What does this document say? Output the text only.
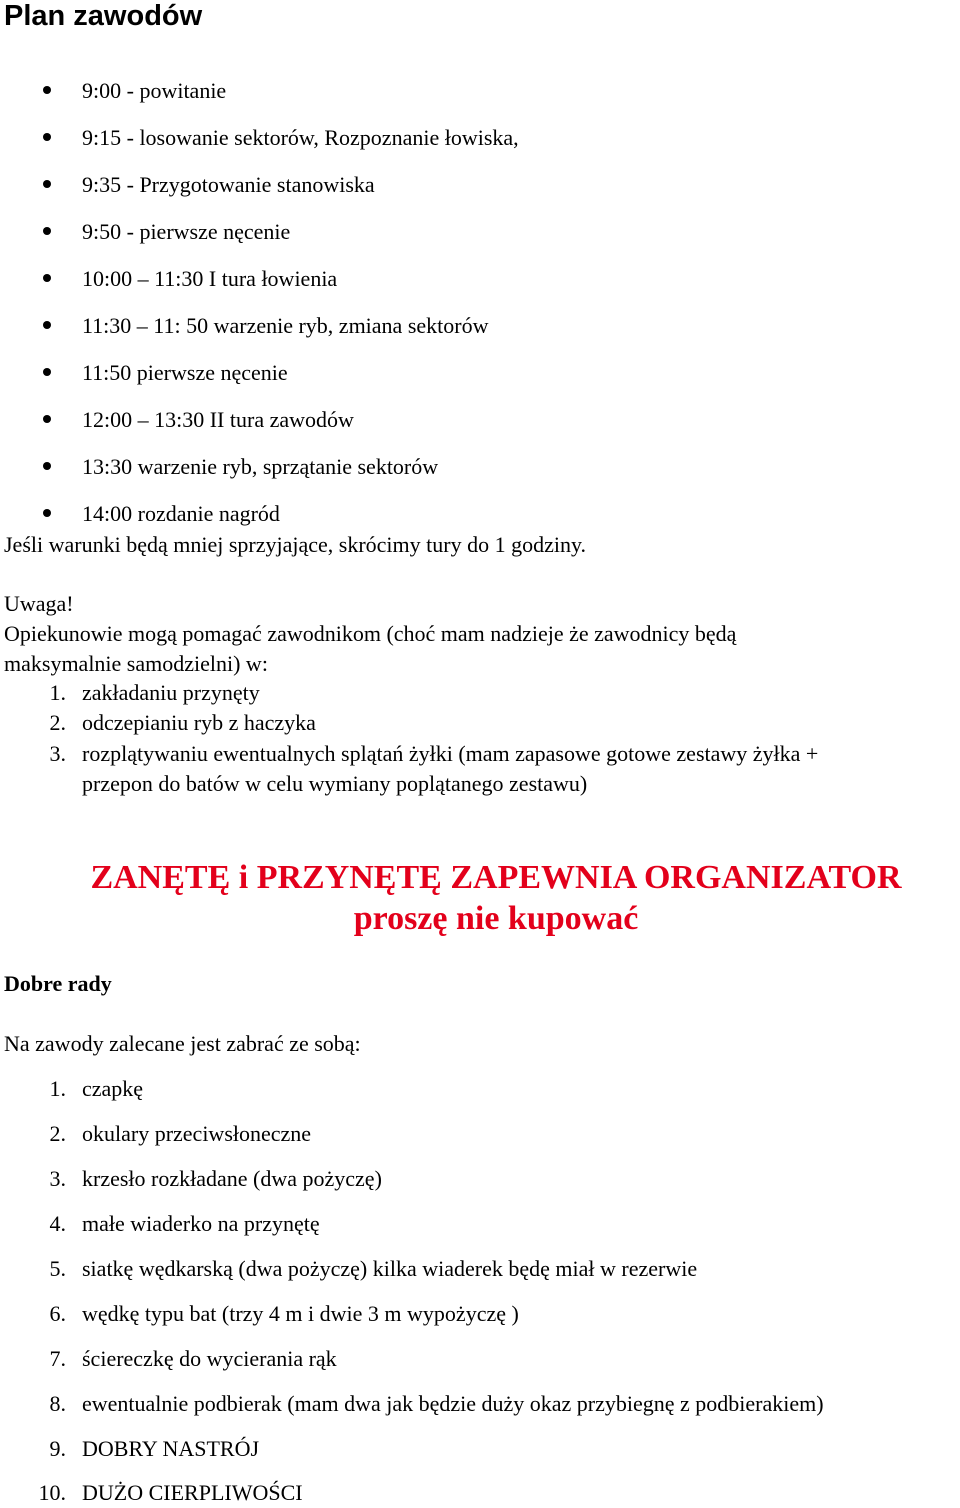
Plan zawodów
9:00 - powitanie
9:15 - losowanie sektorów, Rozpoznanie łowiska,
9:35 - Przygotowanie stanowiska
9:50 - pierwsze nęcenie
10:00 – 11:30 I tura łowienia
11:30 – 11: 50 warzenie ryb, zmiana sektorów
11:50 pierwsze nęcenie
12:00 – 13:30 II tura zawodów
13:30 warzenie ryb, sprzątanie sektorów
14:00 rozdanie nagród
Jeśli warunki będą mniej sprzyjające, skrócimy tury do 1 godziny.
Uwaga!
Opiekunowie mogą pomagać zawodnikom (choć mam nadzieje że zawodnicy będą
maksymalnie samodzielni) w:
1. zakładaniu przynęty
2. odczepianiu ryb z haczyka
3. rozplątywaniu ewentualnych splątań żyłki (mam zapasowe gotowe zestawy żyłka +
przepon do batów w celu wymiany poplątanego zestawu)
ZANĘTĘ i PRZYNĘTĘ ZAPEWNIA ORGANIZATOR
proszę nie kupować
Dobre rady
Na zawody zalecane jest zabrać ze sobą:
1. czapkę
2. okulary przeciwsłoneczne
3. krzesło rozkładane (dwa pożyczę)
4. małe wiaderko na przynętę
5. siatkę wędkarską (dwa pożyczę) kilka wiaderek będę miał w rezerwie
6. wędkę typu bat (trzy 4 m i dwie 3 m wypożyczę )
7. ściereczkę do wycierania rąk
8. ewentualnie podbierak (mam dwa jak będzie duży okaz przybiegnę z podbierakiem)
9. DOBRY NASTRÓJ
10. DUŻO CIERPLIWOŚCI
